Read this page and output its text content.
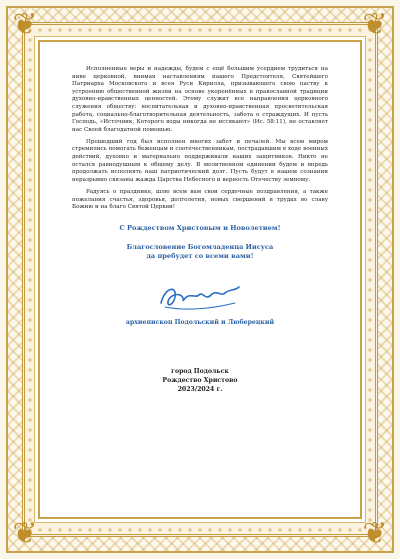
❦	❦
❦	❦

Исполненные веры и надежды, будем с ещё большим усердием трудиться на ниве церковной, внимая наставлениям нашего Предстоятеля, Святейшего Патриарха Московского и всея Руси Кирилла, призывающего свою паству к устроению общественной жизни на основе укоренённых в православной традиции духовно-нравственных ценностей. Этому служит все направления церковного служения обществу: воспитательная и духовно-нравственная просветительская работа, социально-благотворительная деятельность, забота о страждущих. И пусть Господь, «Источник, Которого воды никогда не иссякают» (Ис. 58:11), не оставляет нас Своей благодатной помощью.

Прошедший год был исполнен многих забот и печалей. Мы всем миром стремились помогать беженцам и соотечественникам, пострадавшим в ходе военных действий, духовно и материально поддерживали наших защитников. Никто не остался равнодушным к общему делу. В молитвенном единении будем и впредь продолжать исполнять наш патриотический долг. Пусть будут в нашем сознании неразрывно связаны жажда Царства Небесного и верность Отечеству земному.

Радуясь о празднике, шлю всем вам свои сердечные поздравления, а также пожелания счастья, здоровья, долголетия, новых свершений в трудах во славу Божию и на благо Святой Церкви!

С Рождеством Христовым и Новолетием!
Благословение Богомладенца Иисуса
да пребудет со всеми вами!
архиепископ Подольский и Люберецкий
город Подольск
Рождество Христово
2023/2024 г.
